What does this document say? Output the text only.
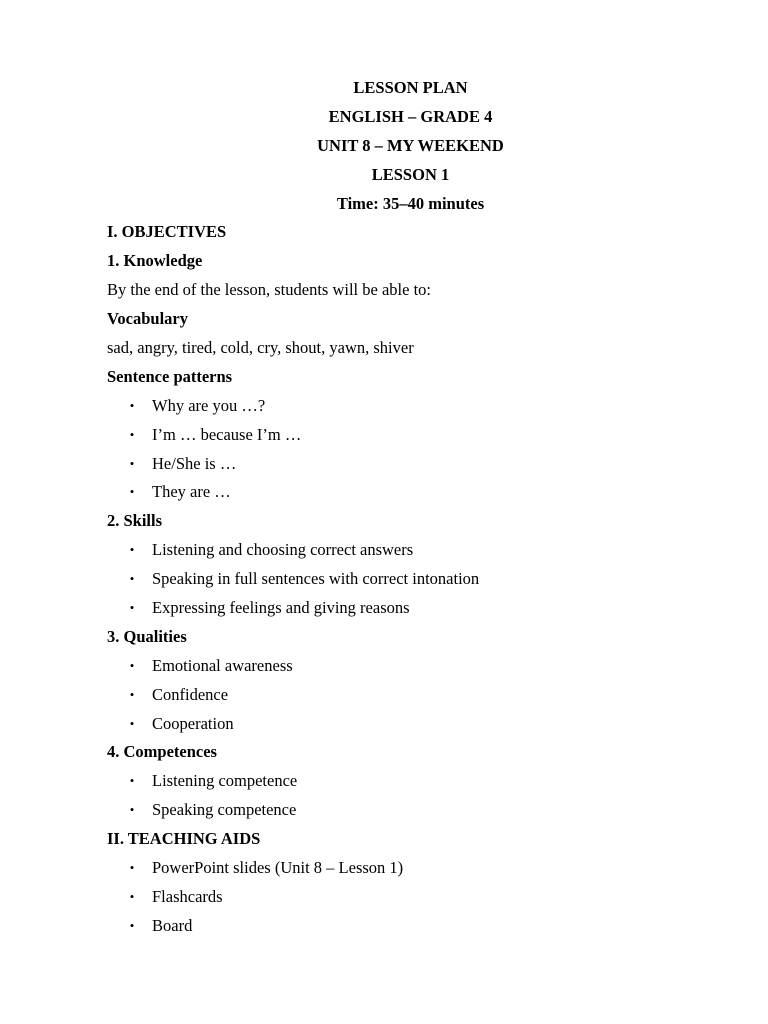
LESSON PLAN
ENGLISH – GRADE 4
UNIT 8 – MY WEEKEND
LESSON 1
Time: 35–40 minutes
I. OBJECTIVES
1. Knowledge
By the end of the lesson, students will be able to:
Vocabulary
sad, angry, tired, cold, cry, shout, yawn, shiver
Sentence patterns
• Why are you …?
• I’m … because I’m …
• He/She is …
• They are …
2. Skills
• Listening and choosing correct answers
• Speaking in full sentences with correct intonation
• Expressing feelings and giving reasons
3. Qualities
• Emotional awareness
• Confidence
• Cooperation
4. Competences
• Listening competence
• Speaking competence
II. TEACHING AIDS
• PowerPoint slides (Unit 8 – Lesson 1)
• Flashcards
• Board
